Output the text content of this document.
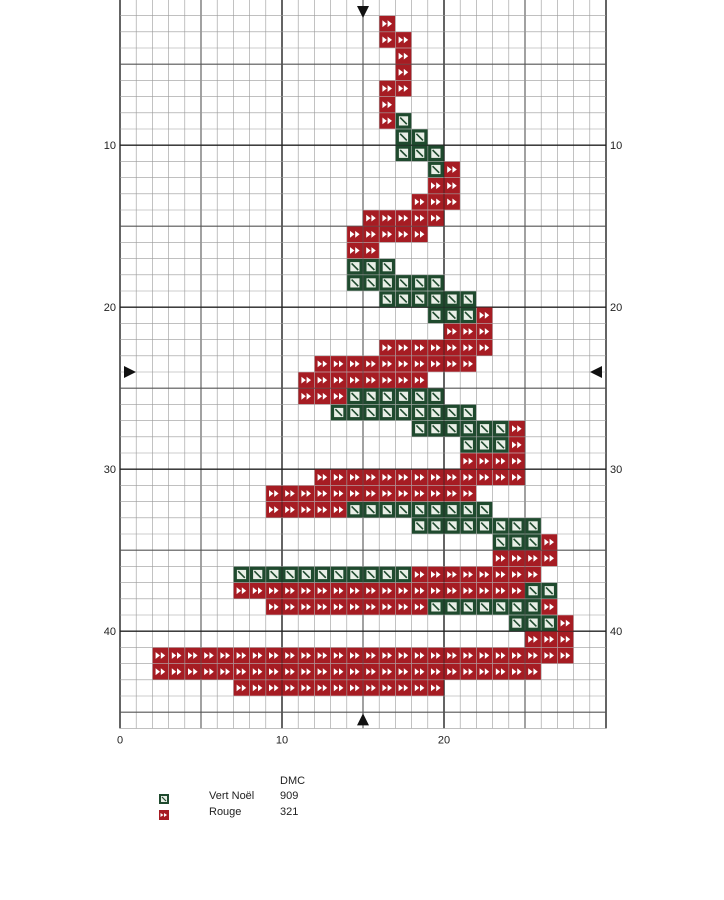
0	10	20
10	10
20	20
30	30
40	40
DMC
Vert Noël 909
Rouge	321
